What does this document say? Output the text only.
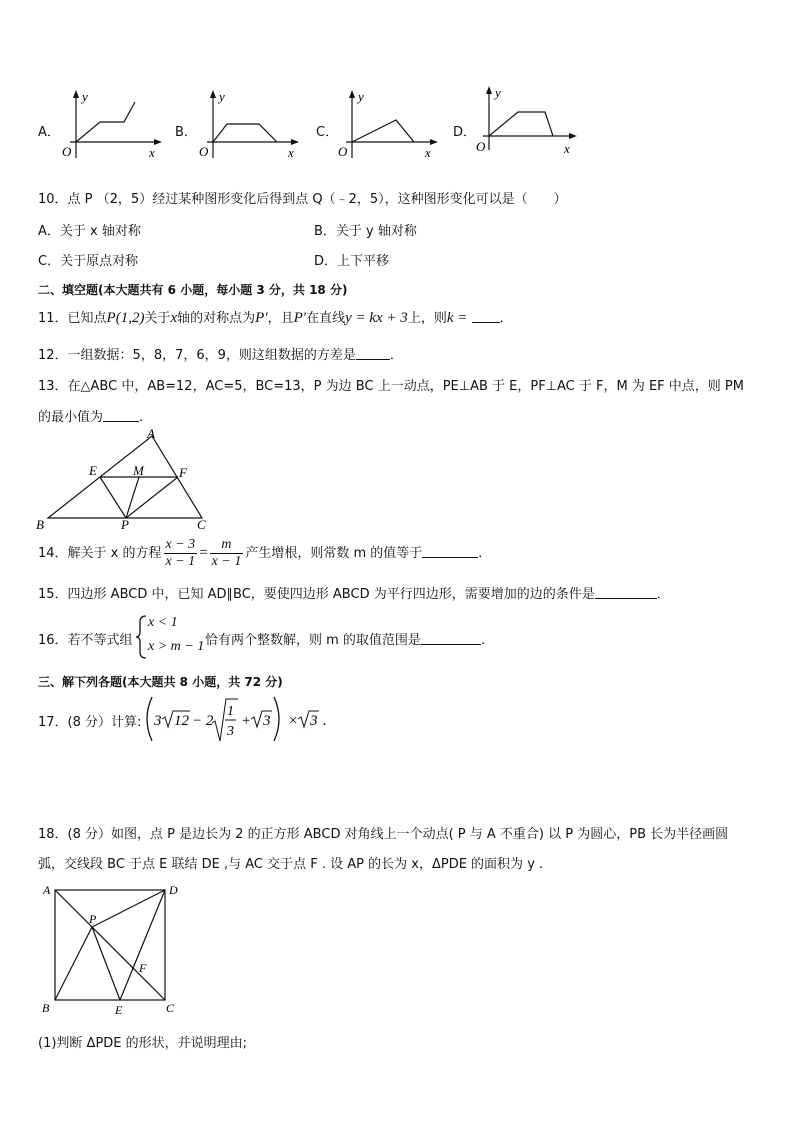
A．
y
O	x
B．
y
O	x
C．
y
O	x
D．
y
O	x
10．点 P （2，5）经过某种图形变化后得到点 Q（﹣2，5），这种图形变化可以是（　　）
A．关于 x 轴对称	B．关于 y 轴对称
C．关于原点对称	D．上下平移
二、填空题(本大题共有 6 小题，每小题 3 分，共 18 分)
11．已知点P(1,2)关于x轴的对称点为P′，且P′在直线y = kx + 3上，则k = ．
12．一组数据：5，8，7，6，9，则这组数据的方差是	．
13．在△ABC 中，AB=12，AC=5，BC=13，P 为边 BC 上一动点，PE⊥AB 于 E，PF⊥AC 于 F，M 为 EF 中点，则 PM
的最小值为	．
A
E	M	F
B	P	C
14．解关于 x 的方程 $\frac{x - 3}{x - 1} = \frac{m}{x - 1}$ 产生增根，则常数 m 的值等于	．
15．四边形 ABCD 中，已知 AD∥BC，要使四边形 ABCD 为平行四边形，需要增加的边的条件是	．
16．若不等式组
x < 1
x > m − 1 恰有两个整数解，则 m 的取值范围是	.
三、解下列各题(本大题共 8 小题，共 72 分)
17．(8 分）计算: 3 12 − 2
1
3
+ 3 × 3 .
18．(8 分）如图，点 P 是边长为 2 的正方形 ABCD 对角线上一个动点( P 与 A 不重合) 以 P 为圆心，PB 长为半径画圆
弧，交线段 BC 于点 E 联结 DE ,与 AC 交于点 F . 设 AP 的长为 x，ΔPDE 的面积为 y .
A	D
P
F
B	E	C
(1)判断 ΔPDE 的形状，并说明理由;
